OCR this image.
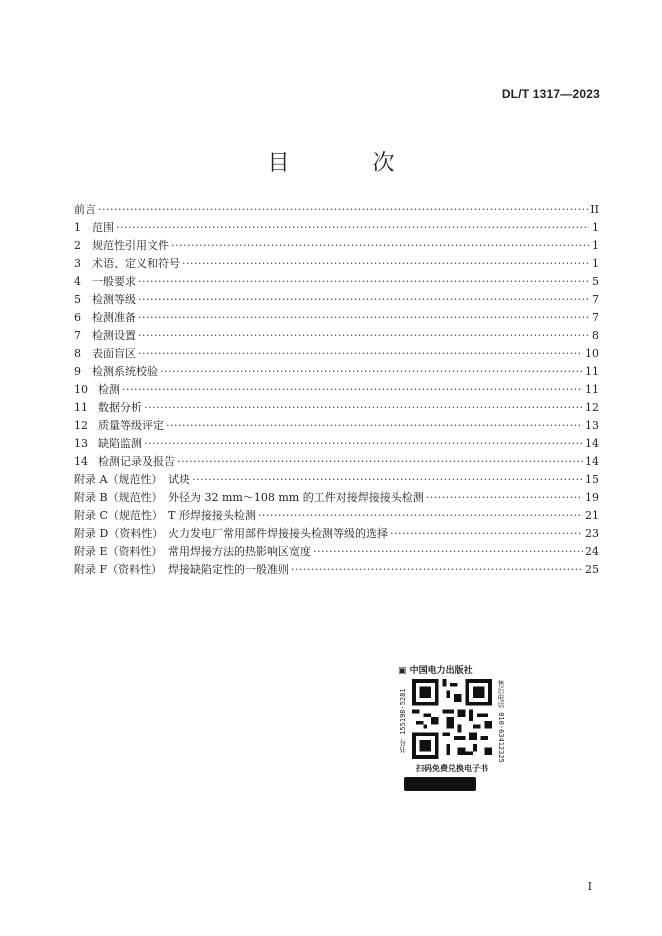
DL/T 1317—2023
目 次
前言 ·····	II
1	范围 ·····	1
2	规范性引用文件 ·····	1
3	术语、定义和符号 ·····	1
4	一般要求 ·····	5
5	检测等级 ·····	7
6	检测准备 ·····	7
7	检测设置 ·····	8
8	表面盲区 ·····	10
9	检测系统校验 ·····	11
10 检测 ·····	11
11 数据分析 ·····	12
12 质量等级评定 ·····	13
13 缺陷监测 ·····	14
14 检测记录及报告 ·····	14
附录 A（规范性） 试块 ·····	15
附录 B（规范性） 外径为 32 mm～108 mm 的工件对接焊接接头检测 ·····	19
附录 C（规范性） T 形焊接接头检测 ·····	21
附录 D（资料性） 火力发电厂常用部件焊接接头检测等级的选择 ·····	23
附录 E（资料性） 常用焊接方法的热影响区宽度 ·····	24
附录 F（资料性） 焊接缺陷定性的一般准则 ·····	25
▣ 中国电力出版社
书号 155198·5281	售后电话 010-63412325
扫码免费兑换电子书
I
